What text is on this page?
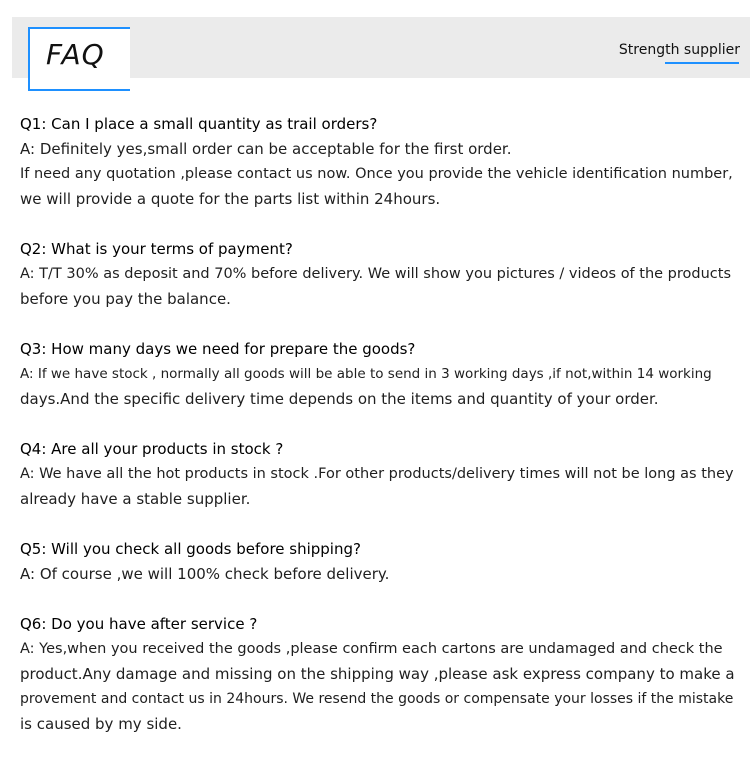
FAQ	Strength supplier
Q1: Can I place a small quantity as trail orders?
A: Definitely yes,small order can be acceptable for the first order.
If need any quotation ,please contact us now. Once you provide the vehicle identification number,
we will provide a quote for the parts list within 24hours.
Q2: What is your terms of payment?
A: T/T 30% as deposit and 70% before delivery. We will show you pictures / videos of the products
before you pay the balance.
Q3: How many days we need for prepare the goods?
A: If we have stock , normally all goods will be able to send in 3 working days ,if not,within 14 working
days.And the specific delivery time depends on the items and quantity of your order.
Q4: Are all your products in stock ?
A: We have all the hot products in stock .For other products/delivery times will not be long as they
already have a stable supplier.
Q5: Will you check all goods before shipping?
A: Of course ,we will 100% check before delivery.
Q6: Do you have after service ?
A: Yes,when you received the goods ,please confirm each cartons are undamaged and check the
product.Any damage and missing on the shipping way ,please ask express company to make a
provement and contact us in 24hours. We resend the goods or compensate your losses if the mistake
is caused by my side.
